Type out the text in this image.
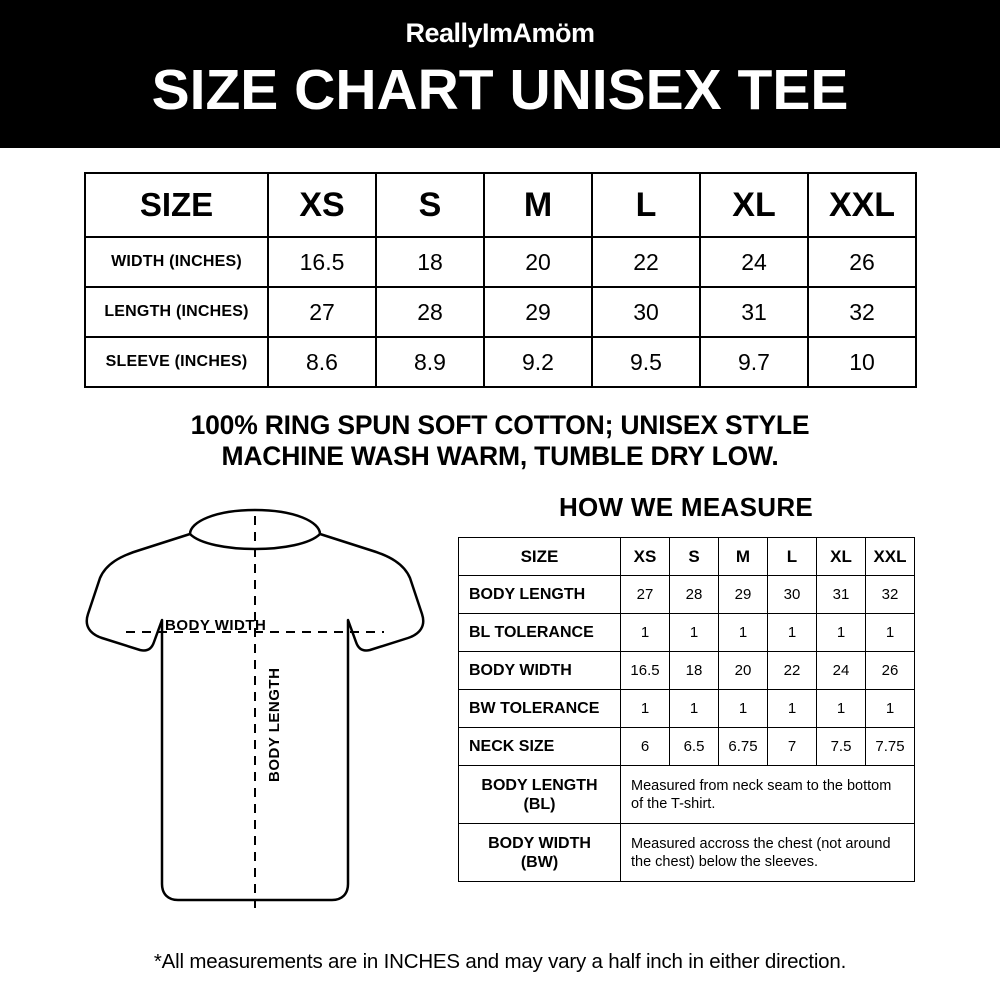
ReallyImAmöm
SIZE CHART UNISEX TEE
SIZE	XS	S	M	L	XL	XXL
WIDTH (INCHES)	16.5	18	20	22	24	26
LENGTH (INCHES)	27	28	29	30	31	32
SLEEVE (INCHES)	8.6	8.9	9.2	9.5	9.7	10
100% RING SPUN SOFT COTTON; UNISEX STYLE
MACHINE WASH WARM, TUMBLE DRY LOW.
BODY WIDTH
BODY LENGTH
HOW WE MEASURE
SIZE	XS	S	M	L	XL	XXL
BODY LENGTH	27	28	29	30	31	32
BL TOLERANCE	1	1	1	1	1	1
BODY WIDTH	16.5	18	20	22	24	26
BW TOLERANCE	1	1	1	1	1	1
NECK SIZE	6	6.5	6.75	7	7.5	7.75
BODY LENGTH
(BL)	Measured from neck seam to the bottom of the T-shirt.					
BODY WIDTH
(BW)	Measured accross the chest (not around the chest) below the sleeves.					
*All measurements are in INCHES and may vary a half inch in either direction.
